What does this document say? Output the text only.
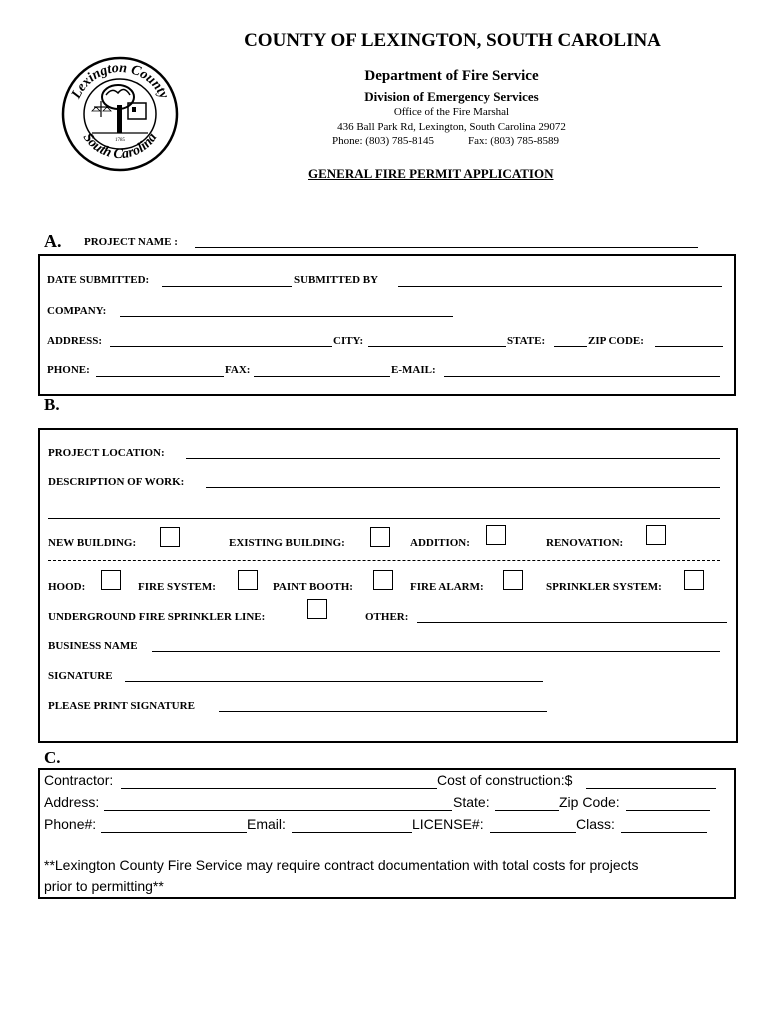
Lexington County
South Carolina
1785
COUNTY OF LEXINGTON, SOUTH CAROLINA
Department of Fire Service
Division of Emergency Services
Office of the Fire Marshal
436 Ball Park Rd, Lexington, South Carolina 29072
Phone: (803) 785-8145	Fax: (803) 785-8589
GENERAL FIRE PERMIT APPLICATION
A. PROJECT NAME :
DATE SUBMITTED:	SUBMITTED BY
COMPANY:
ADDRESS:	CITY:	STATE:	ZIP CODE:
PHONE:	FAX:	E-MAIL:
B.
PROJECT LOCATION:
DESCRIPTION OF WORK:
NEW BUILDING:	EXISTING BUILDING:	ADDITION:	RENOVATION:
HOOD:	FIRE SYSTEM:	PAINT BOOTH:	FIRE ALARM:	SPRINKLER SYSTEM:
UNDERGROUND FIRE SPRINKLER LINE:	OTHER:
BUSINESS NAME
SIGNATURE
PLEASE PRINT SIGNATURE
C.
Contractor:	Cost of construction:$
Address:	State:	Zip Code:
Phone#:	Email:	LICENSE#:	Class:
**Lexington County Fire Service may require contract documentation with total costs for projects
prior to permitting**
